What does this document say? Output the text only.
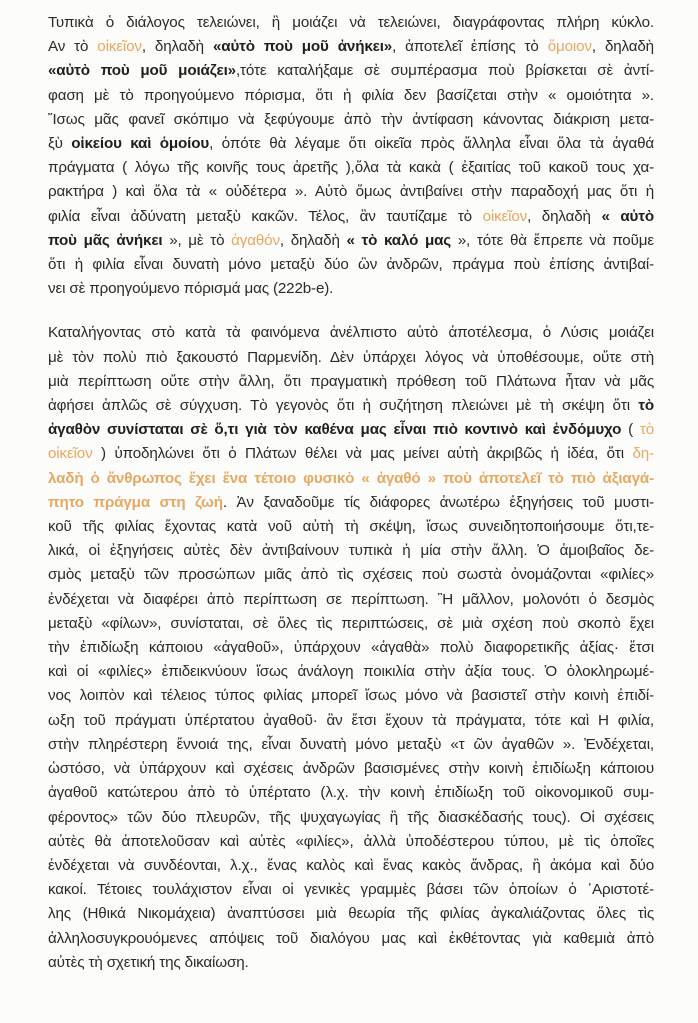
Τυπικὰ ὁ διάλογος τελειώνει, ἢ μοιάζει νὰ τελειώνει, διαγράφοντας πλήρη κύκλο.
Αν τὸ οἰκεῖον, δηλαδὴ «αὐτὸ ποὺ μοῦ ἀνήκει», ἀποτελεῖ ἐπίσης τὸ ὅμοιον, δηλαδὴ
«αὐτὸ ποὺ μοῦ μοιάζει»,τότε καταλήξαμε σὲ συμπέρασμα ποὺ βρίσκεται σὲ ἀντί-
φαση μὲ τὸ προηγούμενο πόρισμα, ὅτι ἡ φιλία δεν βασίζεται στὴν « ομοιότητα ».
Ἴσως μᾶς φανεῖ σκόπιμο νὰ ξεφύγουμε ἀπὸ τὴν ἀντίφαση κάνοντας διάκριση μετα-
ξὺ οἰκείου καὶ ὁμοίου, ὁπότε θὰ λέγαμε ὅτι οἰκεῖα πρὸς ἄλληλα εἶναι ὅλα τὰ ἀγαθά
πράγματα ( λόγω τῆς κοινῆς τους ἀρετῆς ),ὅλα τὰ κακὰ ( ἐξαιτίας τοῦ κακοῦ τους χα-
ρακτήρα ) καὶ ὅλα τὰ « οὐδέτερα ». Αὐτὸ ὅμως ἀντιβαίνει στὴν παραδοχή μας ὅτι ἡ
φιλία εἶναι ἀδύνατη μεταξὺ κακῶν. Τέλος, ἂν ταυτίζαμε τὸ οἰκεῖον, δηλαδὴ « αὐτὸ
ποὺ μᾶς ἀνήκει », μὲ τὸ ἀγαθόν, δηλαδὴ « τὸ καλό μας », τότε θὰ ἔπρεπε νὰ ποῦμε
ὅτι ἡ φιλία εἶναι δυνατὴ μόνο μεταξὺ δύο ὢν ἀνδρῶν, πράγμα ποὺ ἐπίσης ἀντιβαί-
νει σὲ προηγούμενο πόρισμά μας (222b-e).

Καταλήγοντας στὸ κατὰ τὰ φαινόμενα ἀνέλπιστο αὐτὸ ἀποτέλεσμα, ὁ Λύσις μοιάζει
μὲ τὸν πολὺ πιὸ ξακουστό Παρμενίδη. Δὲν ὑπάρχει λόγος νὰ ὑποθέσουμε, οὔτε στὴ
μιὰ περίπτωση οὔτε στὴν ἄλλη, ὅτι πραγματικὴ πρόθεση τοῦ Πλάτωνα ἦταν νὰ μᾶς
ἀφήσει ἁπλῶς σὲ σύγχυση. Τὸ γεγονὸς ὅτι ἡ συζήτηση πλειώνει μὲ τὴ σκέψη ὅτι τὸ
ἀγαθὸν συνίσταται σὲ ὅ,τι γιὰ τὸν καθένα μας εἶναι πιὸ κοντινὸ καὶ ἐνδόμυχο ( τὸ
οἰκεῖον ) ὑποδηλώνει ὅτι ὁ Πλάτων θέλει νὰ μας μείνει αὐτὴ ἀκριβῶς ἡ ἰδέα, ὅτι δη-
λαδὴ ὁ ἄνθρωπος ἔχει ἕνα τέτοιο φυσικὸ « ἀγαθό » ποὺ ἀποτελεῖ τὸ πιὸ ἀξιαγά-
πητο πράγμα στη ζωή. Ἀν ξαναδοῦμε τίς διάφορες ἀνωτέρω ἐξηγήσεις τοῦ μυστι-
κοῦ τῆς φιλίας ἔχοντας κατὰ νοῦ αὐτὴ τὴ σκέψη, ἴσως συνειδητοποιήσουμε ὅτι,τε-
λικά, οἱ ἐξηγήσεις αὐτὲς δὲν ἀντιβαίνουν τυπικὰ ἡ μία στὴν ἄλλη. Ὁ ἀμοιβαῖος δε-
σμὸς μεταξὺ τῶν προσώπων μιᾶς ἀπὸ τὶς σχέσεις ποὺ σωστὰ ὀνομάζονται «φιλίες»
ἐνδέχεται νὰ διαφέρει ἀπὸ περίπτωση σε περίπτωση. Ἢ μᾶλλον, μολονότι ὁ δεσμὸς
μεταξὺ «φίλων», συνίσταται, σὲ ὅλες τὶς περιπτώσεις, σὲ μιὰ σχέση ποὺ σκοπὸ ἔχει
τὴν ἐπιδίωξη κάποιου «ἀγαθοῦ», ὑπάρχουν «ἀγαθὰ» πολὺ διαφορετικῆς ἀξίας· ἔτσι
καὶ οἱ «φιλίες» ἐπιδεικνύουν ἴσως ἀνάλογη ποικιλία στὴν ἀξία τους. Ὁ ὁλοκληρωμέ-
νος λοιπὸν καὶ τέλειος τύπος φιλίας μπορεῖ ἴσως μόνο νὰ βασιστεῖ στὴν κοινὴ ἐπιδί-
ωξη τοῦ πράγματι ὑπέρτατου ἀγαθοῦ· ἂν ἔτσι ἔχουν τὰ πράγματα, τότε καὶ Η φιλία,
στὴν πληρέστερη ἔννοιά της, εἶναι δυνατὴ μόνο μεταξὺ «τ ῶν ἀγαθῶν ». Ἐνδέχεται,
ὡστόσο, νὰ ὑπάρχουν καὶ σχέσεις ἀνδρῶν βασισμένες στὴν κοινὴ ἐπιδίωξη κάποιου
ἀγαθοῦ κατώτερου ἀπὸ τὸ ὑπέρτατο (λ.χ. τὴν κοινὴ ἐπιδίωξη τοῦ οἰκονομικοῦ συμ-
φέροντος» τῶν δύο πλευρῶν, τῆς ψυχαγωγίας ἢ τῆς διασκέδασής τους). Οἱ σχέσεις
αὐτὲς θὰ ἀποτελοῦσαν καὶ αὐτὲς «φιλίες», ἀλλὰ ὑποδέστερου τύπου, μὲ τὶς ὁποῖες
ἐνδέχεται νὰ συνδέονται, λ.χ., ἕνας καλὸς καὶ ἕνας κακὸς ἄνδρας, ἢ ἀκόμα καὶ δύο
κακοί. Τέτοιες τουλάχιστον εἶναι οἱ γενικὲς γραμμὲς βάσει τῶν ὁποίων ὁ ᾿Αριστοτέ-
λης (Ηθικά Νικομάχεια) ἀναπτύσσει μιὰ θεωρία τῆς φιλίας ἀγκαλιάζοντας ὅλες τὶς
ἀλληλοσυγκρουόμενες απόψεις τοῦ διαλόγου μας καὶ ἐκθέτοντας γιὰ καθεμιὰ ἀπὸ
αὐτὲς τὴ σχετική της δικαίωση.
